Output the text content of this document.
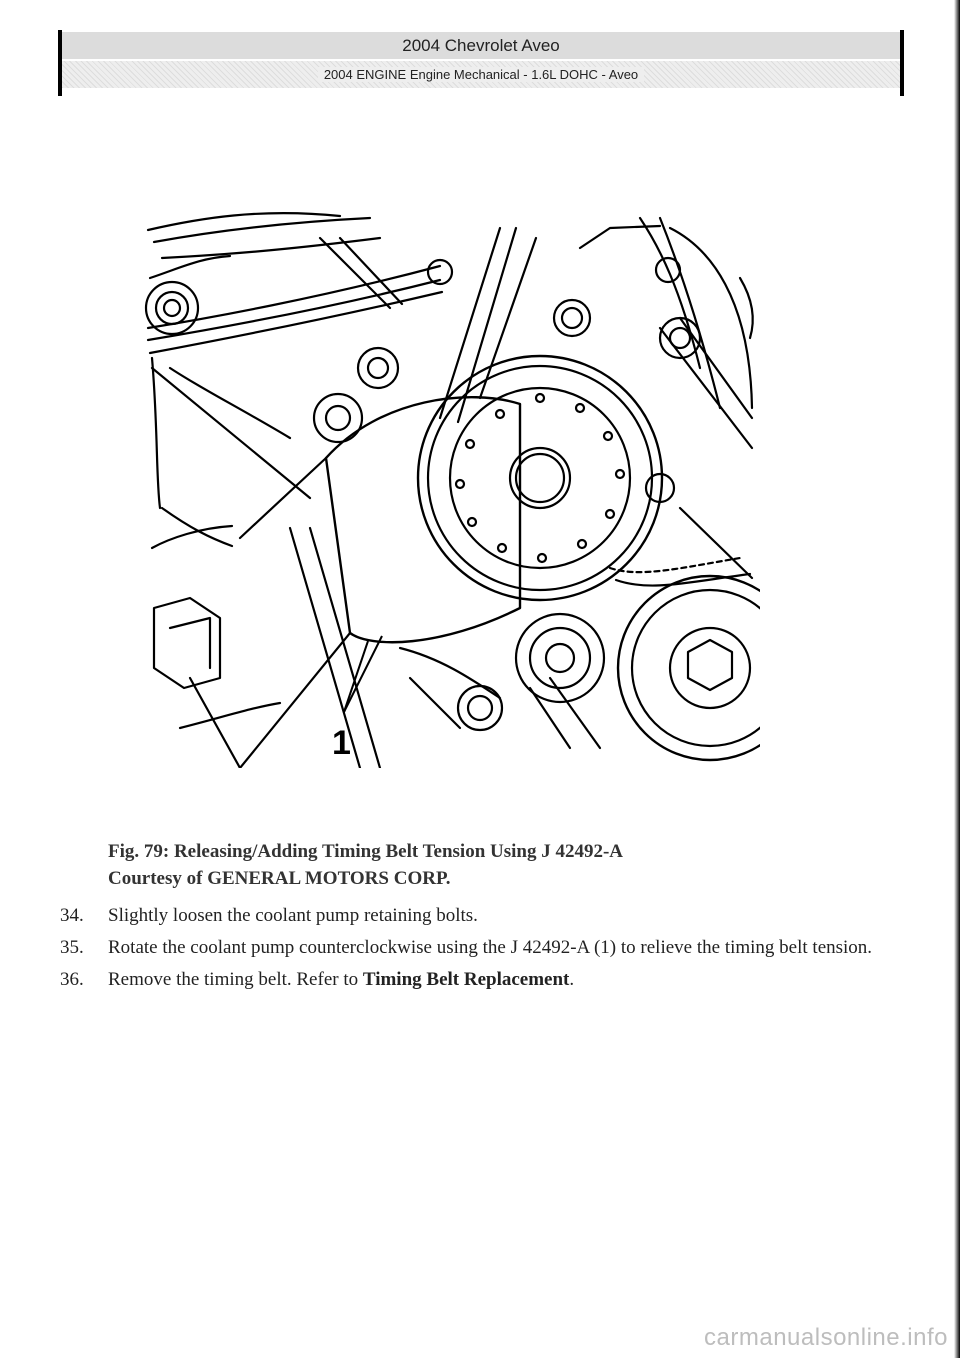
2004 Chevrolet Aveo
2004 ENGINE Engine Mechanical - 1.6L DOHC - Aveo
1
Fig. 79: Releasing/Adding Timing Belt Tension Using J 42492-A
Courtesy of GENERAL MOTORS CORP.
34. Slightly loosen the coolant pump retaining bolts.
35. Rotate the coolant pump counterclockwise using the J 42492-A (1) to relieve the timing belt tension.
36. Remove the timing belt. Refer to Timing Belt Replacement.
carmanualsonline.info
